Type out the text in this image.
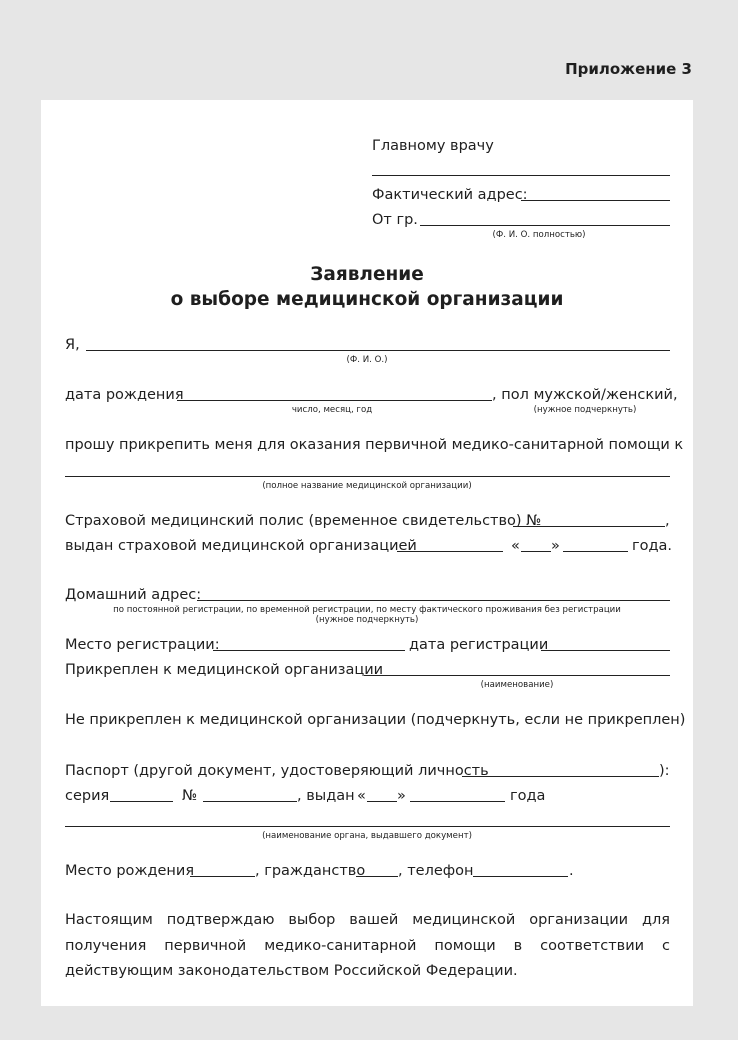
Приложение 3
Главному врачу
Фактический адрес:
От гр.
(Ф. И. О. полностью)
Заявление
о выборе медицинской организации
Я,
(Ф. И. О.)
дата рождения	, пол мужской/женский,
число, месяц, год	(нужное подчеркнуть)
прошу прикрепить меня для оказания первичной медико-санитарной помощи к
(полное название медицинской организации)
Страховой медицинский полис (временное свидетельство) №	,
выдан страховой медицинской организацией	« »	года.
Домашний адрес:
по постоянной регистрации, по временной регистрации, по месту фактического проживания без регистрации
(нужное подчеркнуть)
Место регистрации:	дата регистрации
Прикреплен к медицинской организации
(наименование)
Не прикреплен к медицинской организации (подчеркнуть, если не прикреплен)
Паспорт (другой документ, удостоверяющий личность	):
серия	№	, выдан « »	года
(наименование органа, выдавшего документ)
Место рождения	, гражданство , телефон	.
Настоящим подтверждаю выбор вашей медицинской организации для получения первичной медико-санитарной помощи в соответствии с действующим законодательством Российской Федерации.
